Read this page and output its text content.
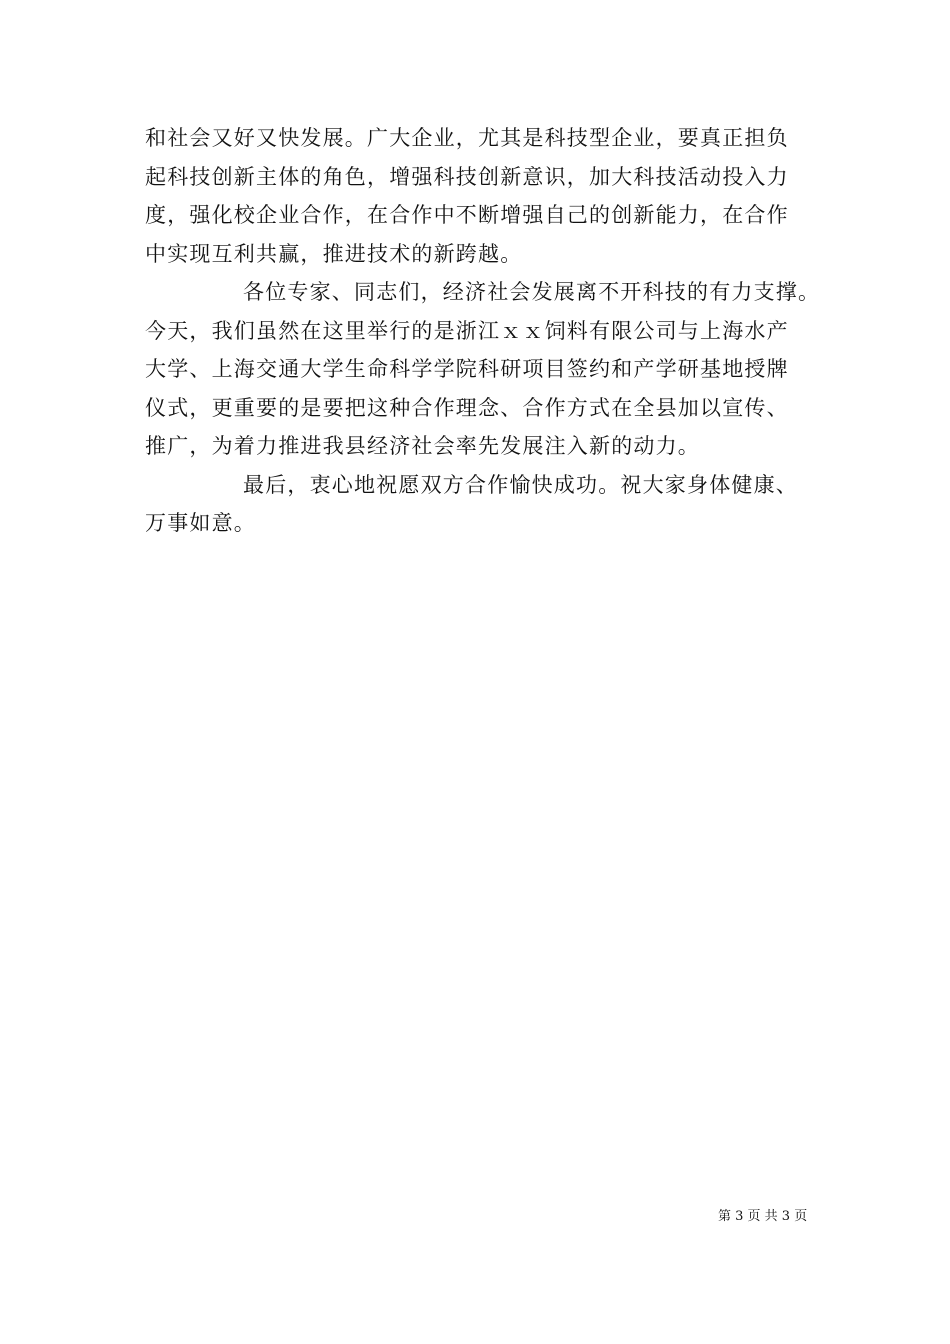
和社会又好又快发展。广大企业，尤其是科技型企业，要真正担负
起科技创新主体的角色，增强科技创新意识，加大科技活动投入力
度，强化校企业合作，在合作中不断增强自己的创新能力，在合作
中实现互利共赢，推进技术的新跨越。
各位专家、同志们，经济社会发展离不开科技的有力支撑。
今天，我们虽然在这里举行的是浙江ｘｘ饲料有限公司与上海水产
大学、上海交通大学生命科学学院科研项目签约和产学研基地授牌
仪式，更重要的是要把这种合作理念、合作方式在全县加以宣传、
推广，为着力推进我县经济社会率先发展注入新的动力。
最后，衷心地祝愿双方合作愉快成功。祝大家身体健康、
万事如意。
第 3 页 共 3 页
